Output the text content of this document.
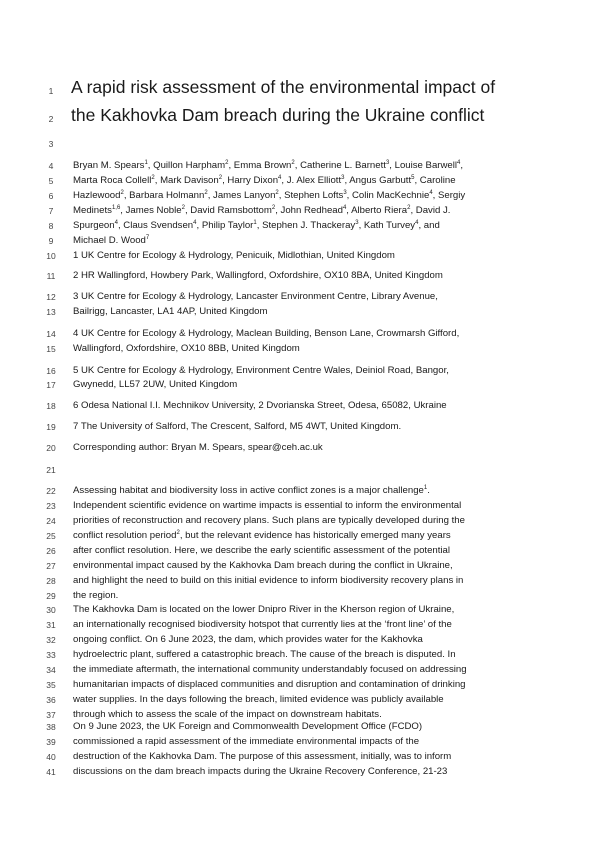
1
2
3
4
5
6
7
8
9
10
11
12
13
14
15
16
17
18
19
20
21
22
23
24
25
26
27
28
29
30
31
32
33
34
35
36
37
38
39
40
41
A rapid risk assessment of the environmental impact of
the Kakhovka Dam breach during the Ukraine conflict
Bryan M. Spears$^1$, Quillon Harpham$^2$, Emma Brown$^2$, Catherine L. Barnett$^3$, Louise Barwell$^4$,
Marta Roca Collell$^2$, Mark Davison$^2$, Harry Dixon$^4$, J. Alex Elliott$^3$, Angus Garbutt$^5$, Caroline
Hazlewood$^2$, Barbara Holmann$^2$, James Lanyon$^2$, Stephen Lofts$^3$, Colin MacKechnie$^4$, Sergiy
Medinets$^{1,6}$, James Noble$^2$, David Ramsbottom$^2$, John Redhead$^4$, Alberto Riera$^2$, David J.
Spurgeon$^4$, Claus Svendsen$^4$, Philip Taylor$^1$, Stephen J. Thackeray$^3$, Kath Turvey$^4$, and
Michael D. Wood$^7$
1 UK Centre for Ecology & Hydrology, Penicuik, Midlothian, United Kingdom
2 HR Wallingford, Howbery Park, Wallingford, Oxfordshire, OX10 8BA, United Kingdom
3 UK Centre for Ecology & Hydrology, Lancaster Environment Centre, Library Avenue,
Bailrigg, Lancaster, LA1 4AP, United Kingdom
4 UK Centre for Ecology & Hydrology, Maclean Building, Benson Lane, Crowmarsh Gifford,
Wallingford, Oxfordshire, OX10 8BB, United Kingdom
5 UK Centre for Ecology & Hydrology, Environment Centre Wales, Deiniol Road, Bangor,
Gwynedd, LL57 2UW, United Kingdom
6 Odesa National I.I. Mechnikov University, 2 Dvorianska Street, Odesa, 65082, Ukraine
7 The University of Salford, The Crescent, Salford, M5 4WT, United Kingdom.
Corresponding author: Bryan M. Spears, spear@ceh.ac.uk
Assessing habitat and biodiversity loss in active conflict zones is a major challenge$^1$.
Independent scientific evidence on wartime impacts is essential to inform the environmental
priorities of reconstruction and recovery plans. Such plans are typically developed during the
conflict resolution period$^2$, but the relevant evidence has historically emerged many years
after conflict resolution. Here, we describe the early scientific assessment of the potential
environmental impact caused by the Kakhovka Dam breach during the conflict in Ukraine,
and highlight the need to build on this initial evidence to inform biodiversity recovery plans in
the region.
The Kakhovka Dam is located on the lower Dnipro River in the Kherson region of Ukraine,
an internationally recognised biodiversity hotspot that currently lies at the ‘front line’ of the
ongoing conflict. On 6 June 2023, the dam, which provides water for the Kakhovka
hydroelectric plant, suffered a catastrophic breach. The cause of the breach is disputed. In
the immediate aftermath, the international community understandably focused on addressing
humanitarian impacts of displaced communities and disruption and contamination of drinking
water supplies. In the days following the breach, limited evidence was publicly available
through which to assess the scale of the impact on downstream habitats.
On 9 June 2023, the UK Foreign and Commonwealth Development Office (FCDO)
commissioned a rapid assessment of the immediate environmental impacts of the
destruction of the Kakhovka Dam. The purpose of this assessment, initially, was to inform
discussions on the dam breach impacts during the Ukraine Recovery Conference, 21-23
